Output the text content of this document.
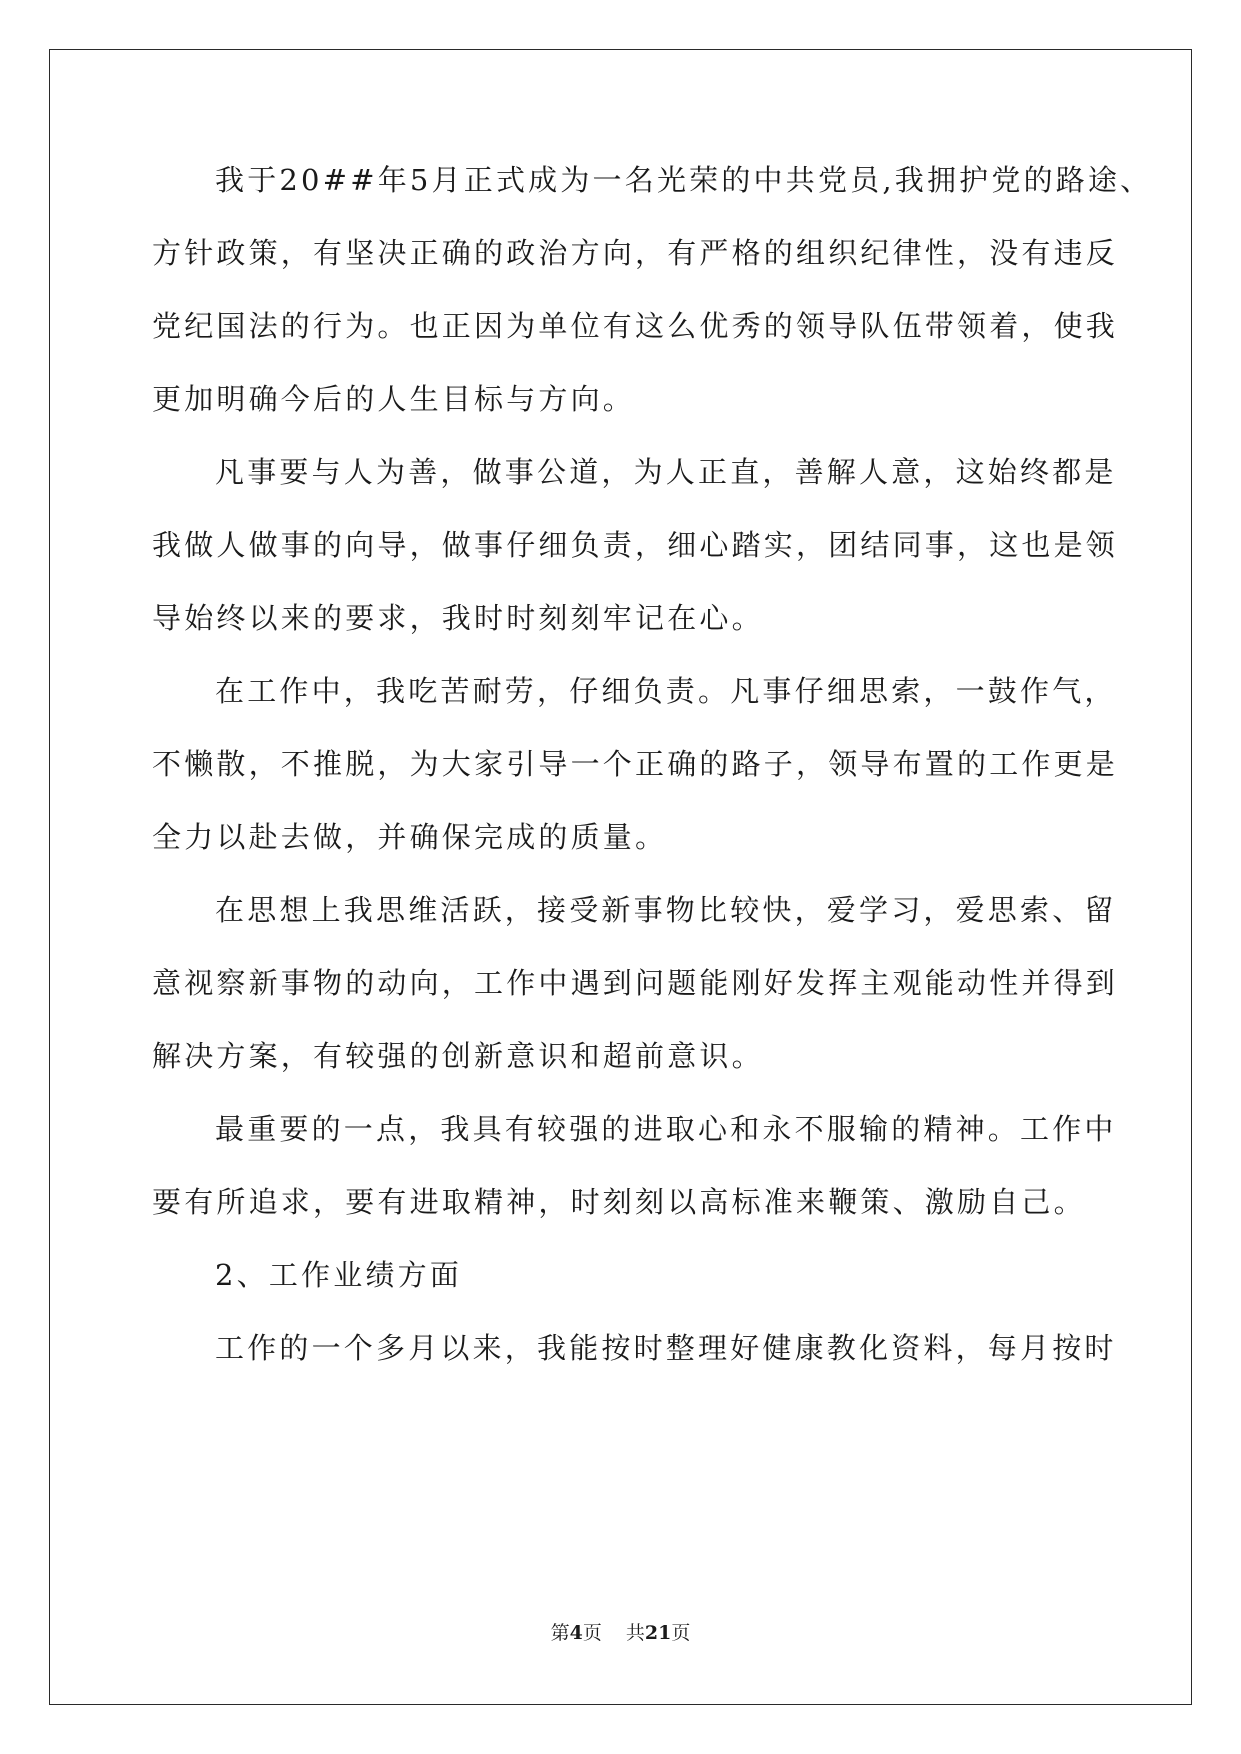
我于20##年5月正式成为一名光荣的中共党员,我拥护党的路途、
方针政策，有坚决正确的政治方向，有严格的组织纪律性，没有违反
党纪国法的行为。也正因为单位有这么优秀的领导队伍带领着，使我
更加明确今后的人生目标与方向。
凡事要与人为善，做事公道，为人正直，善解人意，这始终都是
我做人做事的向导，做事仔细负责，细心踏实，团结同事，这也是领
导始终以来的要求，我时时刻刻牢记在心。
在工作中，我吃苦耐劳，仔细负责。凡事仔细思索，一鼓作气，
不懒散，不推脱，为大家引导一个正确的路子，领导布置的工作更是
全力以赴去做，并确保完成的质量。
在思想上我思维活跃，接受新事物比较快，爱学习，爱思索、留
意视察新事物的动向，工作中遇到问题能刚好发挥主观能动性并得到
解决方案，有较强的创新意识和超前意识。
最重要的一点，我具有较强的进取心和永不服输的精神。工作中
要有所追求，要有进取精神，时刻刻以高标准来鞭策、激励自己。
2、工作业绩方面
工作的一个多月以来，我能按时整理好健康教化资料，每月按时
第4页 共21页
